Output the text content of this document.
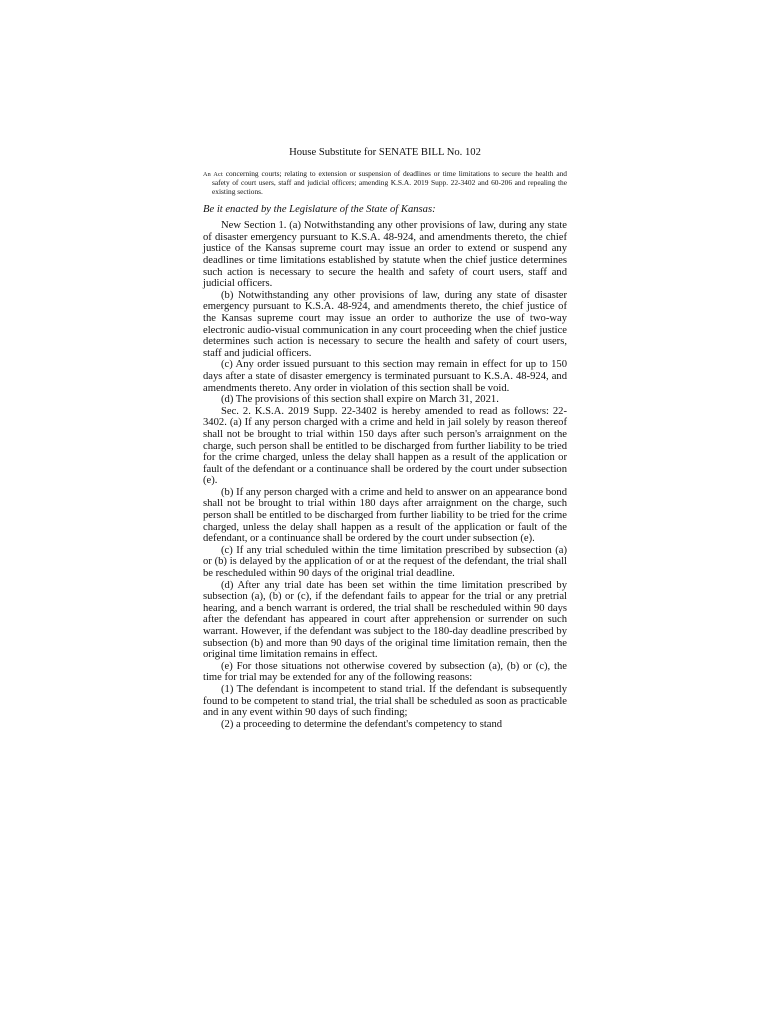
House Substitute for SENATE BILL No. 102
An Act concerning courts; relating to extension or suspension of deadlines or time limitations to secure the health and safety of court users, staff and judicial officers; amending K.S.A. 2019 Supp. 22-3402 and 60-206 and repealing the existing sections.
Be it enacted by the Legislature of the State of Kansas:

New Section 1. (a) Notwithstanding any other provisions of law, during any state of disaster emergency pursuant to K.S.A. 48-924, and amendments thereto, the chief justice of the Kansas supreme court may issue an order to extend or suspend any deadlines or time limitations established by statute when the chief justice determines such action is necessary to secure the health and safety of court users, staff and judicial officers.

(b) Notwithstanding any other provisions of law, during any state of disaster emergency pursuant to K.S.A. 48-924, and amendments thereto, the chief justice of the Kansas supreme court may issue an order to authorize the use of two-way electronic audio-visual communication in any court proceeding when the chief justice determines such action is necessary to secure the health and safety of court users, staff and judicial officers.

(c) Any order issued pursuant to this section may remain in effect for up to 150 days after a state of disaster emergency is terminated pursuant to K.S.A. 48-924, and amendments thereto. Any order in violation of this section shall be void.

(d) The provisions of this section shall expire on March 31, 2021.

Sec. 2. K.S.A. 2019 Supp. 22-3402 is hereby amended to read as follows: 22-3402. (a) If any person charged with a crime and held in jail solely by reason thereof shall not be brought to trial within 150 days after such person's arraignment on the charge, such person shall be entitled to be discharged from further liability to be tried for the crime charged, unless the delay shall happen as a result of the application or fault of the defendant or a continuance shall be ordered by the court under subsection (e).

(b) If any person charged with a crime and held to answer on an appearance bond shall not be brought to trial within 180 days after arraignment on the charge, such person shall be entitled to be discharged from further liability to be tried for the crime charged, unless the delay shall happen as a result of the application or fault of the defendant, or a continuance shall be ordered by the court under subsection (e).

(c) If any trial scheduled within the time limitation prescribed by subsection (a) or (b) is delayed by the application of or at the request of the defendant, the trial shall be rescheduled within 90 days of the original trial deadline.

(d) After any trial date has been set within the time limitation prescribed by subsection (a), (b) or (c), if the defendant fails to appear for the trial or any pretrial hearing, and a bench warrant is ordered, the trial shall be rescheduled within 90 days after the defendant has appeared in court after apprehension or surrender on such warrant. However, if the defendant was subject to the 180-day deadline prescribed by subsection (b) and more than 90 days of the original time limitation remain, then the original time limitation remains in effect.

(e) For those situations not otherwise covered by subsection (a), (b) or (c), the time for trial may be extended for any of the following reasons:

(1) The defendant is incompetent to stand trial. If the defendant is subsequently found to be competent to stand trial, the trial shall be scheduled as soon as practicable and in any event within 90 days of such finding;

(2) a proceeding to determine the defendant's competency to stand
